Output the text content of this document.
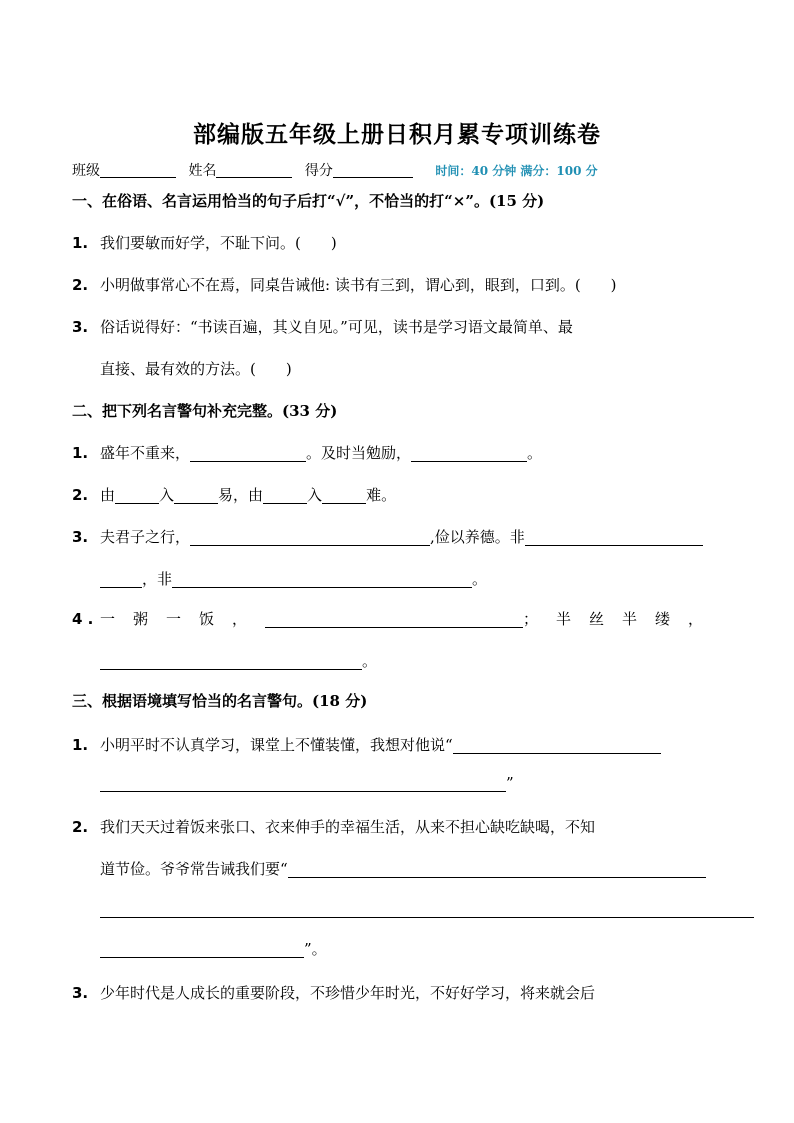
部编版五年级上册日积月累专项训练卷
班级	姓名	得分	时间：40 分钟 满分：100 分
一、在俗语、名言运用恰当的句子后打“√”，不恰当的打“×”。(15 分)
1. 我们要敏而好学，不耻下问。(　　)
2. 小明做事常心不在焉，同桌告诫他: 读书有三到，谓心到，眼到，口到。(　　)
3. 俗话说得好：“书读百遍，其义自见。”可见，读书是学习语文最简单、最
直接、最有效的方法。(　　)
二、把下列名言警句补充完整。(33 分)
1. 盛年不重来，	。及时当勉励，	。
2. 由	入	易，由	入	难。
3. 夫君子之行，	,俭以养德。非
，非	。
4 . 一粥一饭，	；半丝半缕，
。
三、根据语境填写恰当的名言警句。(18 分)
1. 小明平时不认真学习，课堂上不懂装懂，我想对他说“
”
2. 我们天天过着饭来张口、衣来伸手的幸福生活，从来不担心缺吃缺喝，不知
道节俭。爷爷常告诫我们要“
”。
3. 少年时代是人成长的重要阶段，不珍惜少年时光，不好好学习，将来就会后
